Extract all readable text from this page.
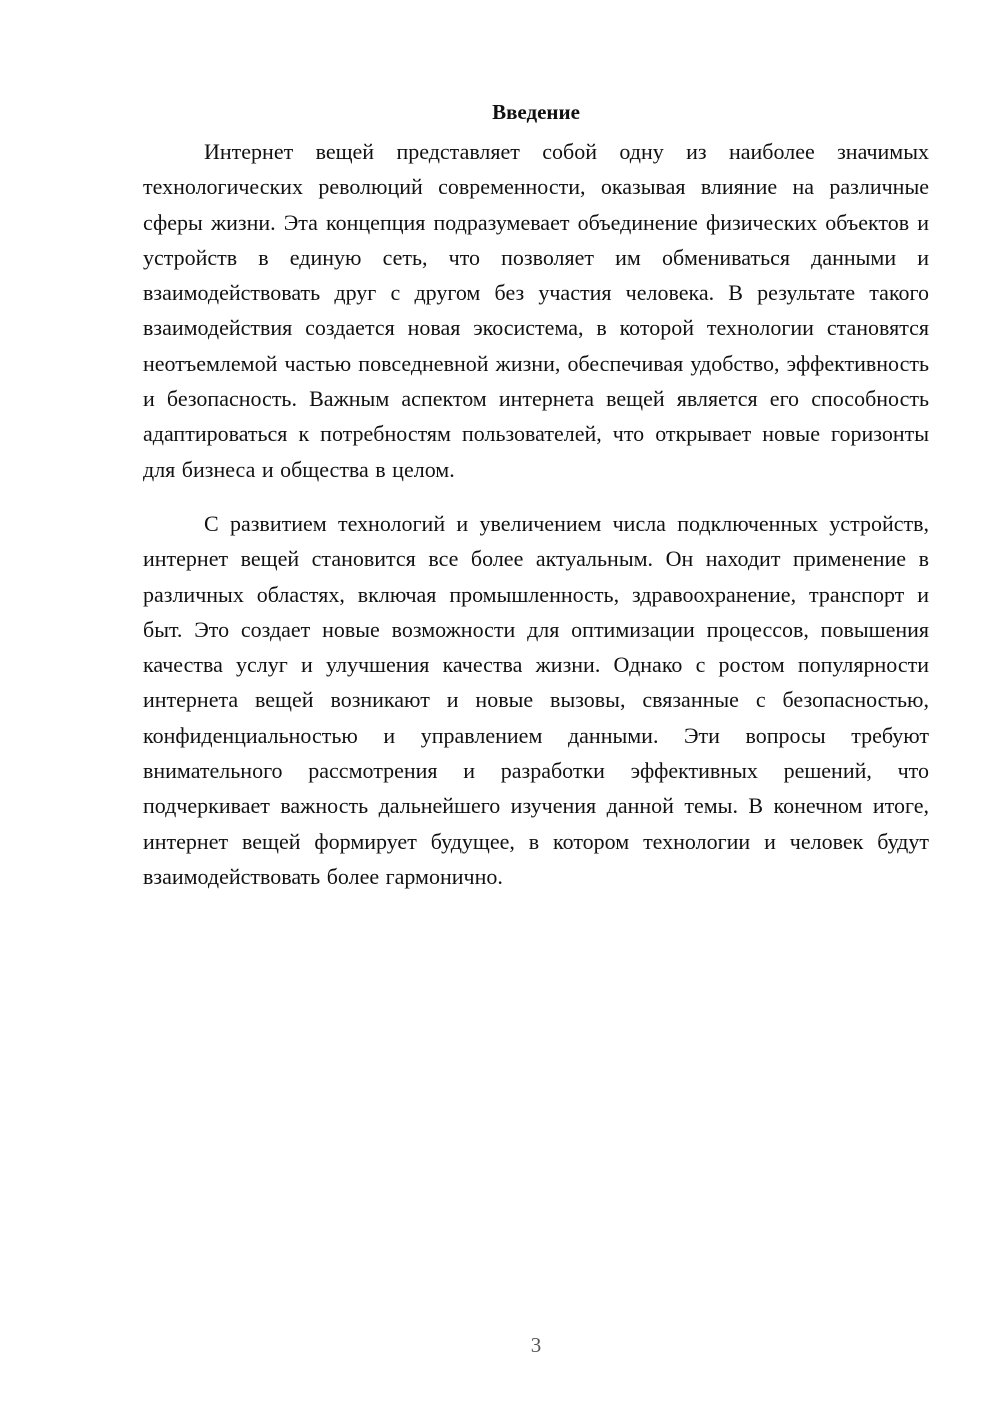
Введение

Интернет вещей представляет собой одну из наиболее значимых технологических революций современности, оказывая влияние на различные сферы жизни. Эта концепция подразумевает объединение физических объектов и устройств в единую сеть, что позволяет им обмениваться данными и взаимодействовать друг с другом без участия человека. В результате такого взаимодействия создается новая экосистема, в которой технологии становятся неотъемлемой частью повседневной жизни, обеспечивая удобство, эффективность и безопасность. Важным аспектом интернета вещей является его способность адаптироваться к потребностям пользователей, что открывает новые горизонты для бизнеса и общества в целом.

С развитием технологий и увеличением числа подключенных устройств, интернет вещей становится все более актуальным. Он находит применение в различных областях, включая промышленность, здравоохранение, транспорт и быт. Это создает новые возможности для оптимизации процессов, повышения качества услуг и улучшения качества жизни. Однако с ростом популярности интернета вещей возникают и новые вызовы, связанные с безопасностью, конфиденциальностью и управлением данными. Эти вопросы требуют внимательного рассмотрения и разработки эффективных решений, что подчеркивает важность дальнейшего изучения данной темы. В конечном итоге, интернет вещей формирует будущее, в котором технологии и человек будут взаимодействовать более гармонично.

3
